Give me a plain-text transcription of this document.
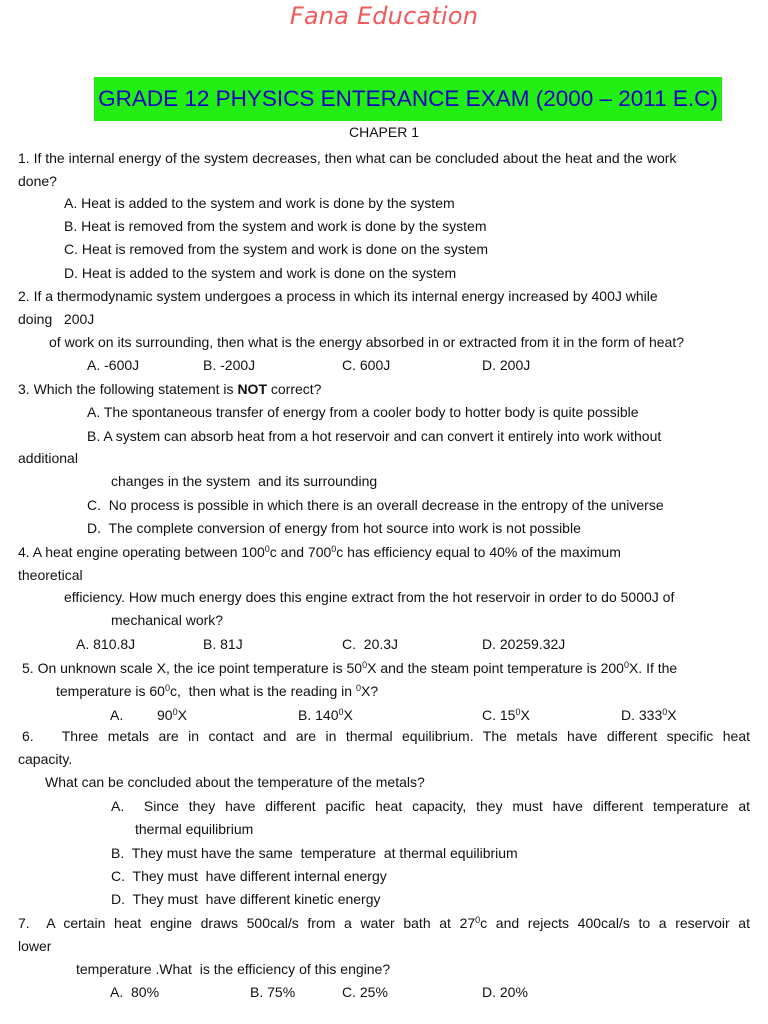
Fana Education
GRADE 12 PHYSICS ENTERANCE EXAM (2000 – 2011 E.C)
CHAPER 1
1. If the internal energy of the system decreases, then what can be concluded about the heat and the work
done?
A. Heat is added to the system and work is done by the system
B. Heat is removed from the system and work is done by the system
C. Heat is removed from the system and work is done on the system
D. Heat is added to the system and work is done on the system
2. If a thermodynamic system undergoes a process in which its internal energy increased by 400J while
doing   200J
of work on its surrounding, then what is the energy absorbed in or extracted from it in the form of heat?
A. -600J	B. -200J	C. 600J	D. 200J
3. Which the following statement is NOT correct?
A. The spontaneous transfer of energy from a cooler body to hotter body is quite possible
B. A system can absorb heat from a hot reservoir and can convert it entirely into work without
additional
changes in the system  and its surrounding
C.  No process is possible in which there is an overall decrease in the entropy of the universe
D.  The complete conversion of energy from hot source into work is not possible
4. A heat engine operating between $100^0c$ and $700^0c$ has efficiency equal to 40% of the maximum
theoretical
efficiency. How much energy does this engine extract from the hot reservoir in order to do 5000J of
mechanical work?
A. 810.8J	B. 81J	C.  20.3J	D. 20259.32J
5. On unknown scale X, the ice point temperature is $50^0X$ and the steam point temperature is $200^0X$. If the
temperature is $60^0c$,  then what is the reading in $^0$X?
A. $90^0X$	B. $140^0X$	C. $15^0X$	D. $333^0X$
6.   Three metals are in contact and are in thermal equilibrium. The metals have different specific heat
capacity.
What can be concluded about the temperature of the metals?
A.  Since they have different pacific heat capacity, they must have different temperature at
thermal equilibrium
B.  They must have the same  temperature  at thermal equilibrium
C.  They must  have different internal energy
D.  They must  have different kinetic energy
7.  A certain heat engine draws 500cal/s from a water bath at $27^0c$ and rejects 400cal/s to a reservoir at
lower
temperature .What  is the efficiency of this engine?
A.  80%	B. 75%	C. 25%	D. 20%
